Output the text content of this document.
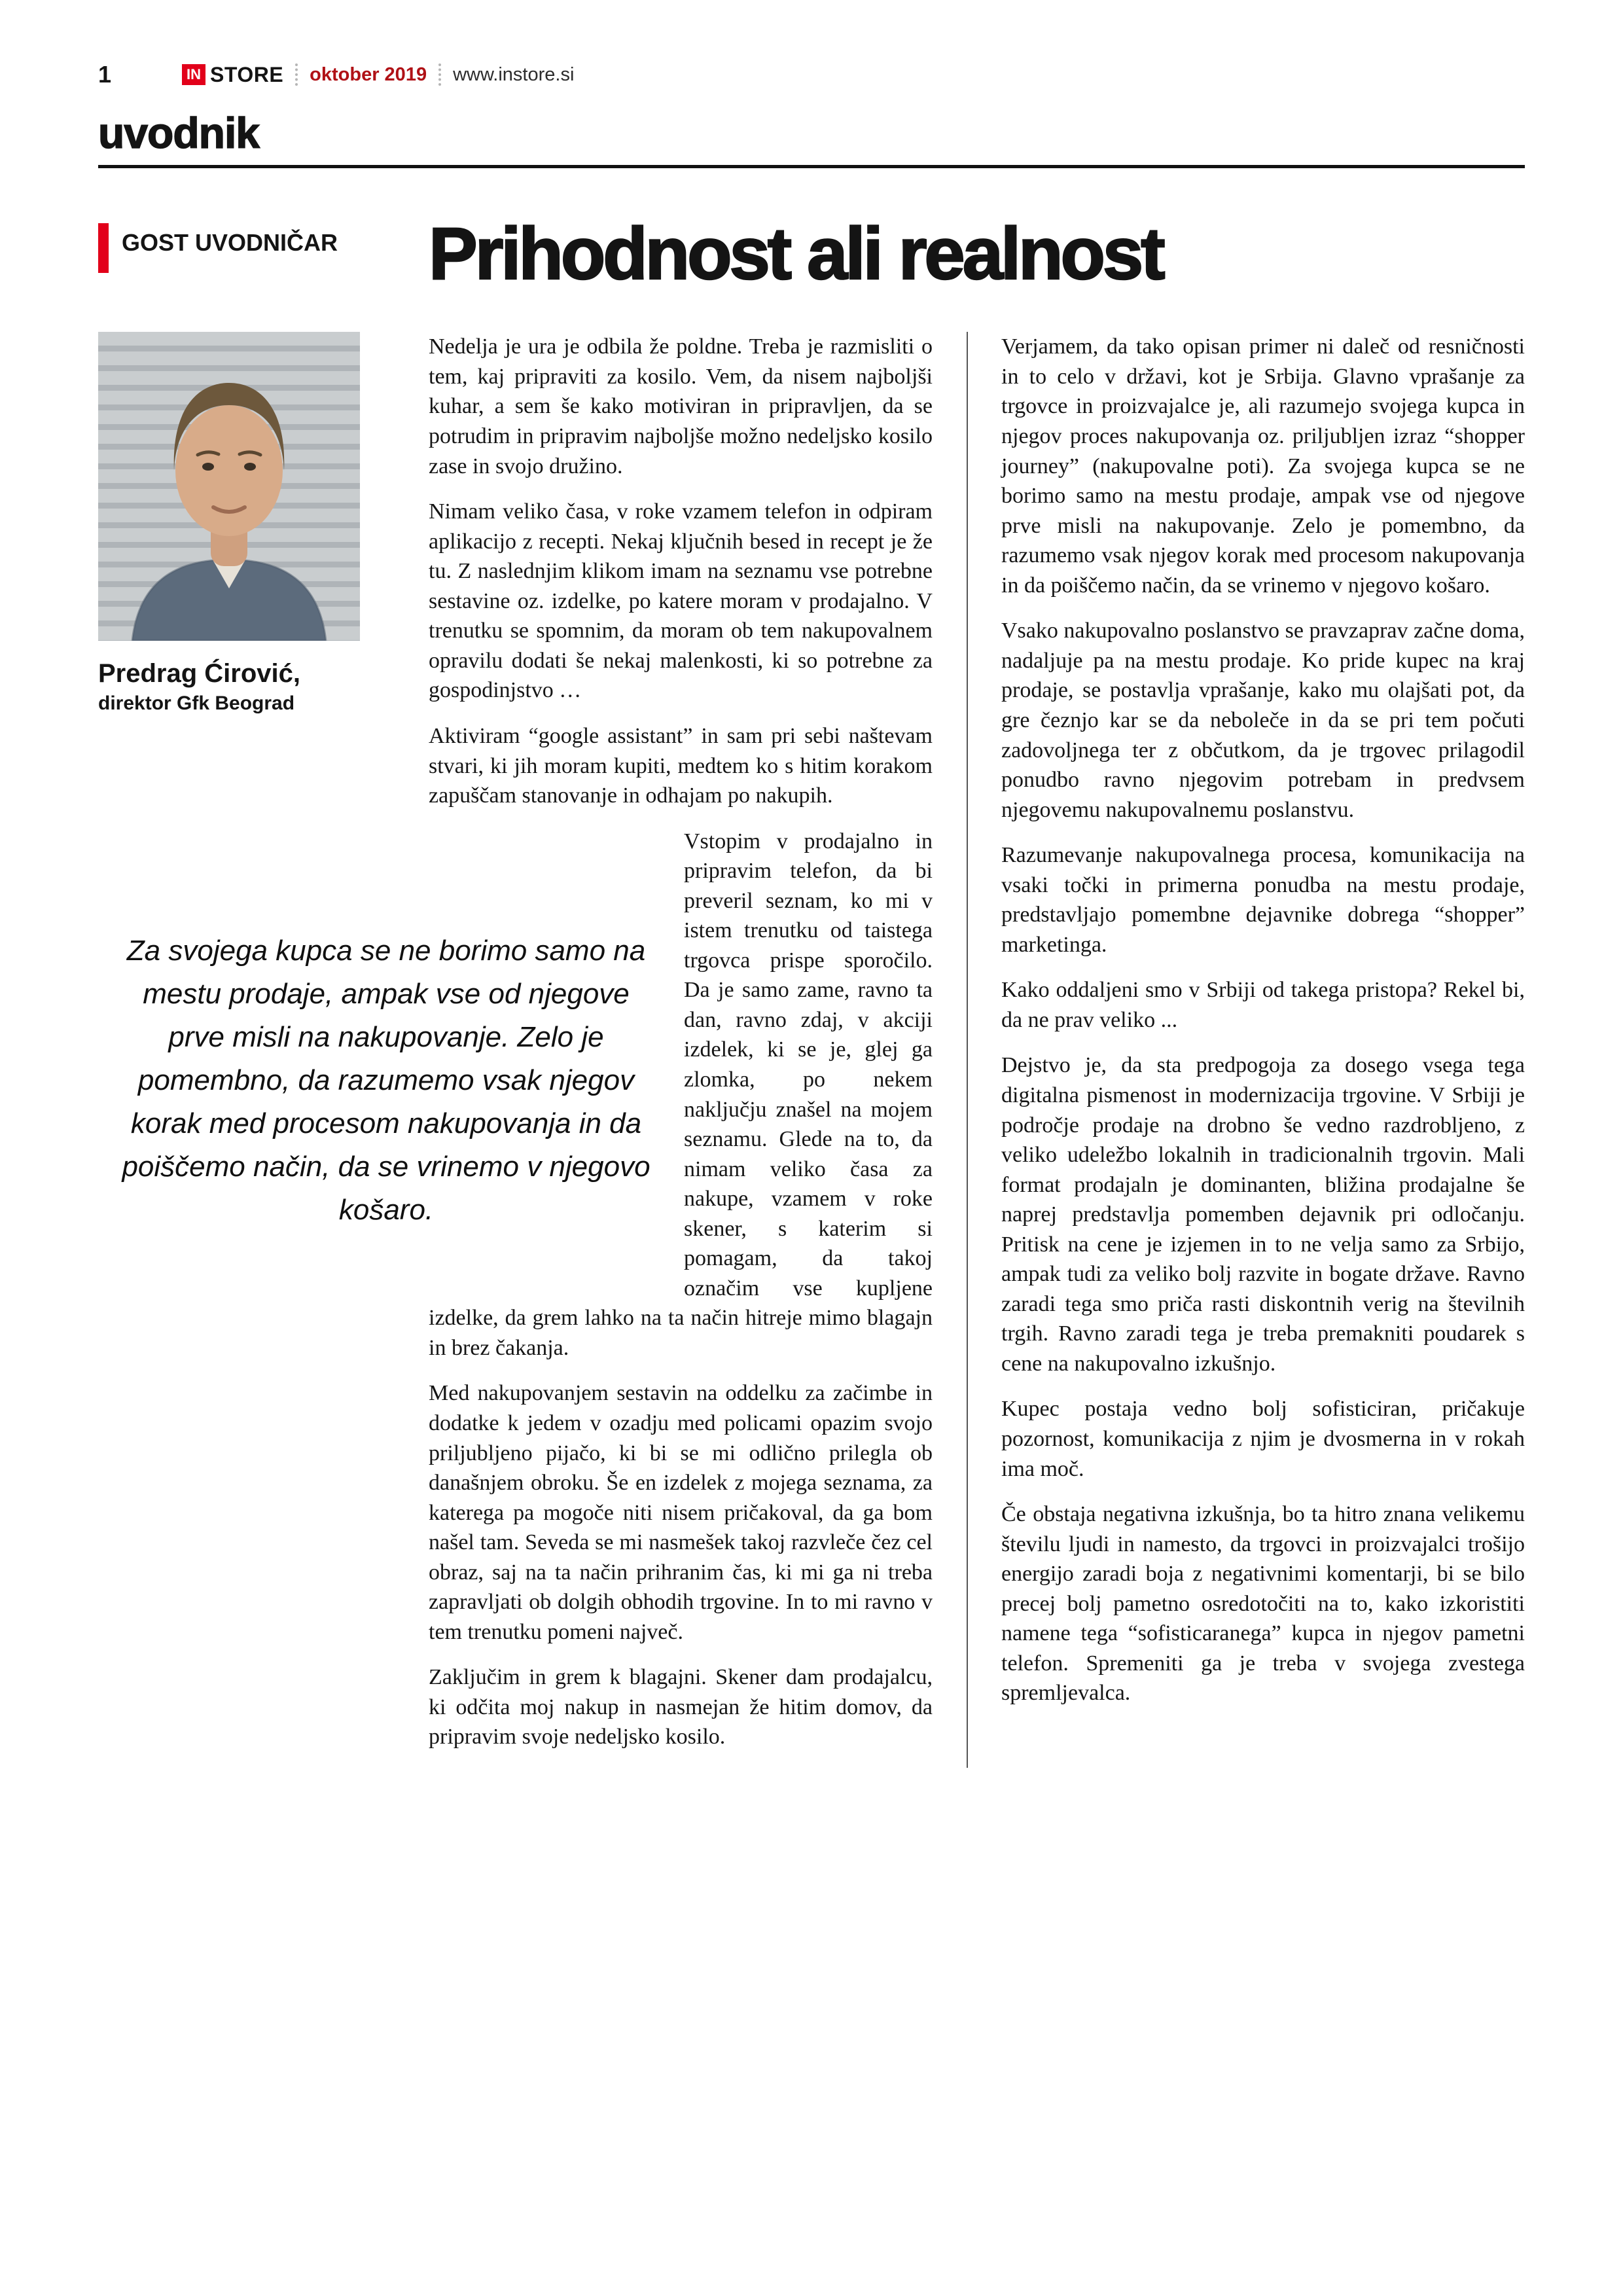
1	IN STORE oktober 2019 www.instore.si
uvodnik
GOST UVODNIČAR Prihodnost ali realnost
Predrag Ćirović,
direktor Gfk Beograd

Nedelja je ura je odbila že poldne. Treba je razmisliti o tem, kaj pripraviti za kosilo. Vem, da nisem najboljši kuhar, a sem še kako motiviran in pripravljen, da se potrudim in pripravim najboljše možno nedeljsko kosilo zase in svojo družino.

Nimam veliko časa, v roke vzamem telefon in odpiram aplikacijo z recepti. Nekaj ključnih besed in recept je že tu. Z naslednjim klikom imam na seznamu vse potrebne sestavine oz. izdelke, po katere moram v prodajalno. V trenutku se spomnim, da moram ob tem nakupovalnem opravilu dodati še nekaj malenkosti, ki so potrebne za gospodinjstvo …

Aktiviram “google assistant” in sam pri sebi naštevam stvari, ki jih moram kupiti, medtem ko s hitim korakom zapuščam stanovanje in odhajam po nakupih.

Za svojega kupca se ne borimo samo na mestu prodaje, ampak vse od njegove prve misli na nakupovanje. Zelo je pomembno, da razumemo vsak njegov korak med procesom nakupovanja in da poiščemo način, da se vrinemo v njegovo košaro.

Vstopim v prodajalno in pripravim telefon, da bi preveril seznam, ko mi v istem trenutku od taistega trgovca prispe sporočilo. Da je samo zame, ravno ta dan, ravno zdaj, v akciji izdelek, ki se je, glej ga zlomka, po nekem naključju znašel na mojem seznamu. Glede na to, da nimam veliko časa za nakupe, vzamem v roke skener, s katerim si pomagam, da takoj označim vse kupljene izdelke, da grem lahko na ta način hitreje mimo blagajn in brez čakanja.

Med nakupovanjem sestavin na oddelku za začimbe in dodatke k jedem v ozadju med policami opazim svojo priljubljeno pijačo, ki bi se mi odlično prilegla ob današnjem obroku. Še en izdelek z mojega seznama, za katerega pa mogoče niti nisem pričakoval, da ga bom našel tam. Seveda se mi nasmešek takoj razvleče čez cel obraz, saj na ta način prihranim čas, ki mi ga ni treba zapravljati ob dolgih obhodih trgovine. In to mi ravno v tem trenutku pomeni največ.

Zaključim in grem k blagajni. Skener dam prodajalcu, ki odčita moj nakup in nasmejan že hitim domov, da pripravim svoje nedeljsko kosilo.

Verjamem, da tako opisan primer ni daleč od resničnosti in to celo v državi, kot je Srbija. Glavno vprašanje za trgovce in proizvajalce je, ali razumejo svojega kupca in njegov proces nakupovanja oz. priljubljen izraz “shopper journey” (nakupovalne poti). Za svojega kupca se ne borimo samo na mestu prodaje, ampak vse od njegove prve misli na nakupovanje. Zelo je pomembno, da razumemo vsak njegov korak med procesom nakupovanja in da poiščemo način, da se vrinemo v njegovo košaro.

Vsako nakupovalno poslanstvo se pravzaprav začne doma, nadaljuje pa na mestu prodaje. Ko pride kupec na kraj prodaje, se postavlja vprašanje, kako mu olajšati pot, da gre čeznjo kar se da neboleče in da se pri tem počuti zadovoljnega ter z občutkom, da je trgovec prilagodil ponudbo ravno njegovim potrebam in predvsem njegovemu nakupovalnemu poslanstvu.

Razumevanje nakupovalnega procesa, komunikacija na vsaki točki in primerna ponudba na mestu prodaje, predstavljajo pomembne dejavnike dobrega “shopper” marketinga.

Kako oddaljeni smo v Srbiji od takega pristopa? Rekel bi, da ne prav veliko ...

Dejstvo je, da sta predpogoja za dosego vsega tega digitalna pismenost in modernizacija trgovine. V Srbiji je področje prodaje na drobno še vedno razdrobljeno, z veliko udeležbo lokalnih in tradicionalnih trgovin. Mali format prodajaln je dominanten, bližina prodajalne še naprej predstavlja pomemben dejavnik pri odločanju. Pritisk na cene je izjemen in to ne velja samo za Srbijo, ampak tudi za veliko bolj razvite in bogate države. Ravno zaradi tega smo priča rasti diskontnih verig na številnih trgih. Ravno zaradi tega je treba premakniti poudarek s cene na nakupovalno izkušnjo.

Kupec postaja vedno bolj sofisticiran, pričakuje pozornost, komunikacija z njim je dvosmerna in v rokah ima moč.

Če obstaja negativna izkušnja, bo ta hitro znana velikemu številu ljudi in namesto, da trgovci in proizvajalci trošijo energijo zaradi boja z negativnimi komentarji, bi se bilo precej bolj pametno osredotočiti na to, kako izkoristiti namene tega “sofisticaranega” kupca in njegov pametni telefon. Spremeniti ga je treba v svojega zvestega spremljevalca.
